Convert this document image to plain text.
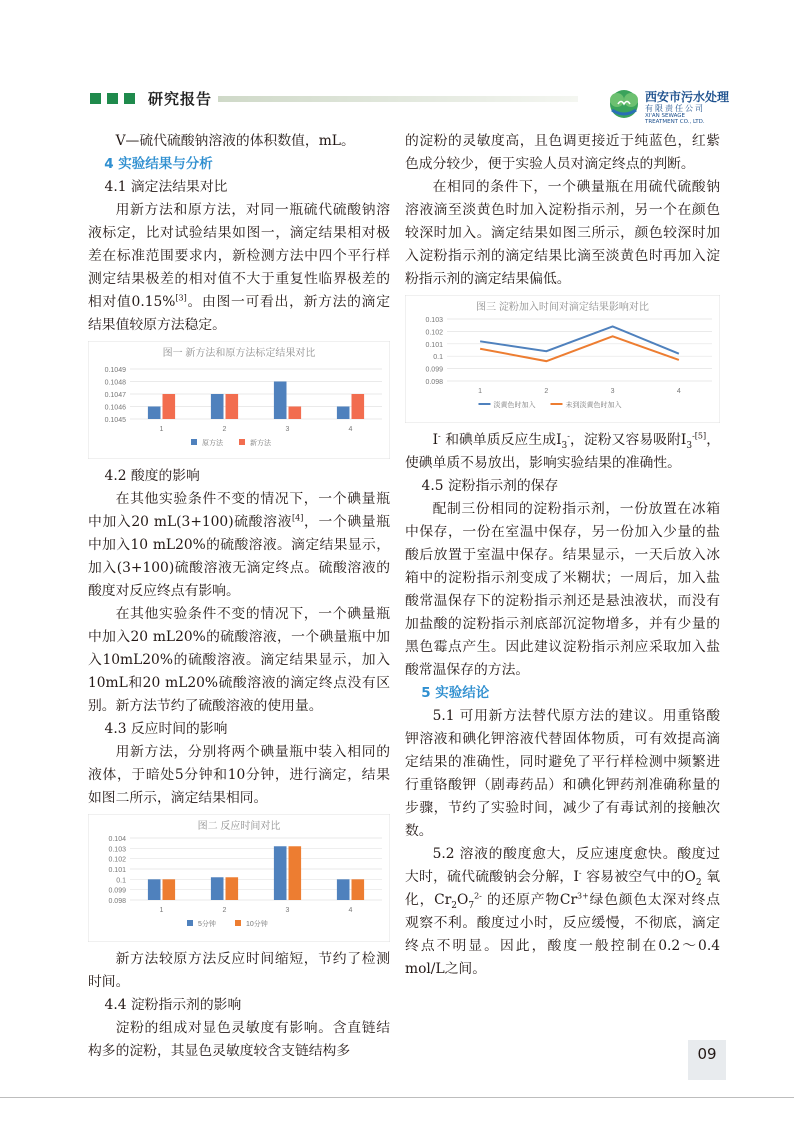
研究报告	西安市污水处理
有限责任公司
XI'AN SEWAGE
TREATMENT CO., LTD.

V—硫代硫酸钠溶液的体积数值，mL。

4 实验结果与分析

4.1 滴定法结果对比

用新方法和原方法，对同一瓶硫代硫酸钠溶液标定，比对试验结果如图一，滴定结果相对极差在标准范围要求内，新检测方法中四个平行样测定结果极差的相对值不大于重复性临界极差的相对值0.15%[3]。由图一可看出，新方法的滴定结果值较原方法稳定。

图一 新方法和原方法标定结果对比
0.1049
0.1048
0.1047
0.1046
0.1045
1	2	3	4
原方法	新方法

4.2 酸度的影响

在其他实验条件不变的情况下，一个碘量瓶中加入20 mL(3+100)硫酸溶液[4]，一个碘量瓶中加入10 mL20%的硫酸溶液。滴定结果显示，加入(3+100)硫酸溶液无滴定终点。硫酸溶液的酸度对反应终点有影响。

在其他实验条件不变的情况下，一个碘量瓶中加入20 mL20%的硫酸溶液，一个碘量瓶中加入10mL20%的硫酸溶液。滴定结果显示，加入10mL和20 mL20%硫酸溶液的滴定终点没有区别。新方法节约了硫酸溶液的使用量。

4.3 反应时间的影响

用新方法，分别将两个碘量瓶中装入相同的液体，于暗处5分钟和10分钟，进行滴定，结果如图二所示，滴定结果相同。

图二 反应时间对比
0.104
0.103
0.102
0.101
0.1
0.099
0.098
1	2	3	4
5分钟	10分钟

新方法较原方法反应时间缩短，节约了检测时间。

4.4 淀粉指示剂的影响

淀粉的组成对显色灵敏度有影响。含直链结构多的淀粉，其显色灵敏度较含支链结构多

的淀粉的灵敏度高，且色调更接近于纯蓝色，红紫色成分较少，便于实验人员对滴定终点的判断。

在相同的条件下，一个碘量瓶在用硫代硫酸钠溶液滴至淡黄色时加入淀粉指示剂，另一个在颜色较深时加入。滴定结果如图三所示，颜色较深时加入淀粉指示剂的滴定结果比滴至淡黄色时再加入淀粉指示剂的滴定结果偏低。

图三 淀粉加入时间对滴定结果影响对比
0.103
0.102
0.101
0.1
0.099
0.098
1	2	3	4
淡黄色时加入	未到淡黄色时加入

I- 和碘单质反应生成$I_3^-$，淀粉又容易吸附$I_3^{-[5]}$，使碘单质不易放出，影响实验结果的准确性。

4.5 淀粉指示剂的保存

配制三份相同的淀粉指示剂，一份放置在冰箱中保存，一份在室温中保存，另一份加入少量的盐酸后放置于室温中保存。结果显示，一天后放入冰箱中的淀粉指示剂变成了米糊状；一周后，加入盐酸常温保存下的淀粉指示剂还是悬浊液状，而没有加盐酸的淀粉指示剂底部沉淀物增多，并有少量的黑色霉点产生。因此建议淀粉指示剂应采取加入盐酸常温保存的方法。

5 实验结论

5.1 可用新方法替代原方法的建议。用重铬酸钾溶液和碘化钾溶液代替固体物质，可有效提高滴定结果的准确性，同时避免了平行样检测中频繁进行重铬酸钾（剧毒药品）和碘化钾药剂准确称量的步骤，节约了实验时间，减少了有毒试剂的接触次数。

5.2 溶液的酸度愈大，反应速度愈快。酸度过大时，硫代硫酸钠会分解，I- 容易被空气中的$O_2$ 氧化，$Cr_2O_7^{2-}$ 的还原产物$Cr^{3+}$绿色颜色太深对终点观察不利。酸度过小时，反应缓慢，不彻底，滴定终点不明显。因此，酸度一般控制在0.2～0.4 mol/L之间。

09
